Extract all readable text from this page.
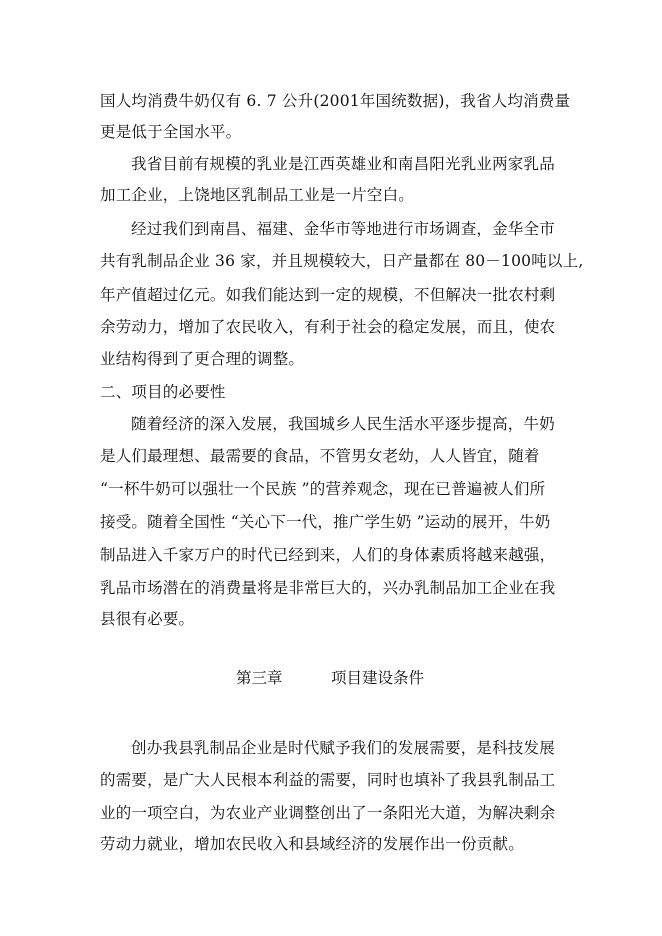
国人均消费牛奶仅有 6. 7 公升(2001年国统数据)，我省人均消费量
更是低于全国水平。
我省目前有规模的乳业是江西英雄业和南昌阳光乳业两家乳品
加工企业，上饶地区乳制品工业是一片空白。
经过我们到南昌、福建、金华市等地进行市场调查，金华全市
共有乳制品企业 36 家，并且规模较大，日产量都在 80－100吨以上,
年产值超过亿元。如我们能达到一定的规模，不但解决一批农村剩
余劳动力，增加了农民收入，有利于社会的稳定发展，而且，使农
业结构得到了更合理的调整。
二、项目的必要性
随着经济的深入发展，我国城乡人民生活水平逐步提高，牛奶
是人们最理想、最需要的食品，不管男女老幼，人人皆宜，随着
“一杯牛奶可以强壮一个民族 ”的营养观念，现在已普遍被人们所
接受。随着全国性 “关心下一代，推广学生奶 ”运动的展开，牛奶
制品进入千家万户的时代已经到来，人们的身体素质将越来越强，
乳品市场潜在的消费量将是非常巨大的，兴办乳制品加工企业在我
县很有必要。
第三章	项目建设条件
创办我县乳制品企业是时代赋予我们的发展需要，是科技发展
的需要，是广大人民根本利益的需要，同时也填补了我县乳制品工
业的一项空白，为农业产业调整创出了一条阳光大道，为解决剩余
劳动力就业，增加农民收入和县域经济的发展作出一份贡献。
